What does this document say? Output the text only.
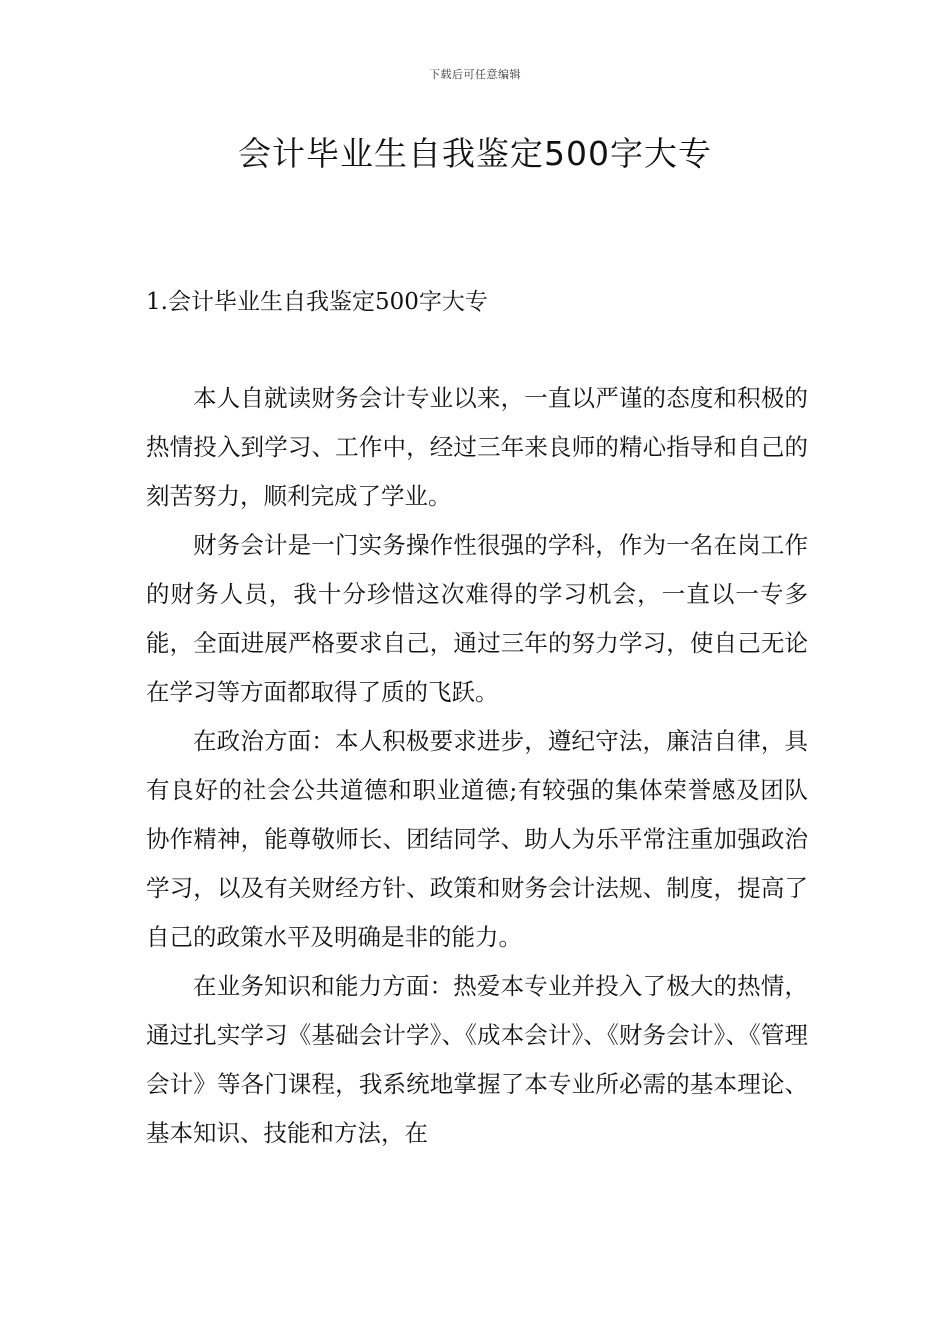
下载后可任意编辑
会计毕业生自我鉴定500字大专
1.会计毕业生自我鉴定500字大专

本人自就读财务会计专业以来，一直以严谨的态度和积极的热情投入到学习、工作中，经过三年来良师的精心指导和自己的刻苦努力，顺利完成了学业。

财务会计是一门实务操作性很强的学科，作为一名在岗工作的财务人员，我十分珍惜这次难得的学习机会，一直以一专多能，全面进展严格要求自己，通过三年的努力学习，使自己无论在学习等方面都取得了质的飞跃。

在政治方面：本人积极要求进步，遵纪守法，廉洁自律，具有良好的社会公共道德和职业道德;有较强的集体荣誉感及团队协作精神，能尊敬师长、团结同学、助人为乐平常注重加强政治学习，以及有关财经方针、政策和财务会计法规、制度，提高了自己的政策水平及明确是非的能力。

在业务知识和能力方面：热爱本专业并投入了极大的热情，通过扎实学习《基础会计学》、《成本会计》、《财务会计》、《管理会计》等各门课程，我系统地掌握了本专业所必需的基本理论、基本知识、技能和方法，在
